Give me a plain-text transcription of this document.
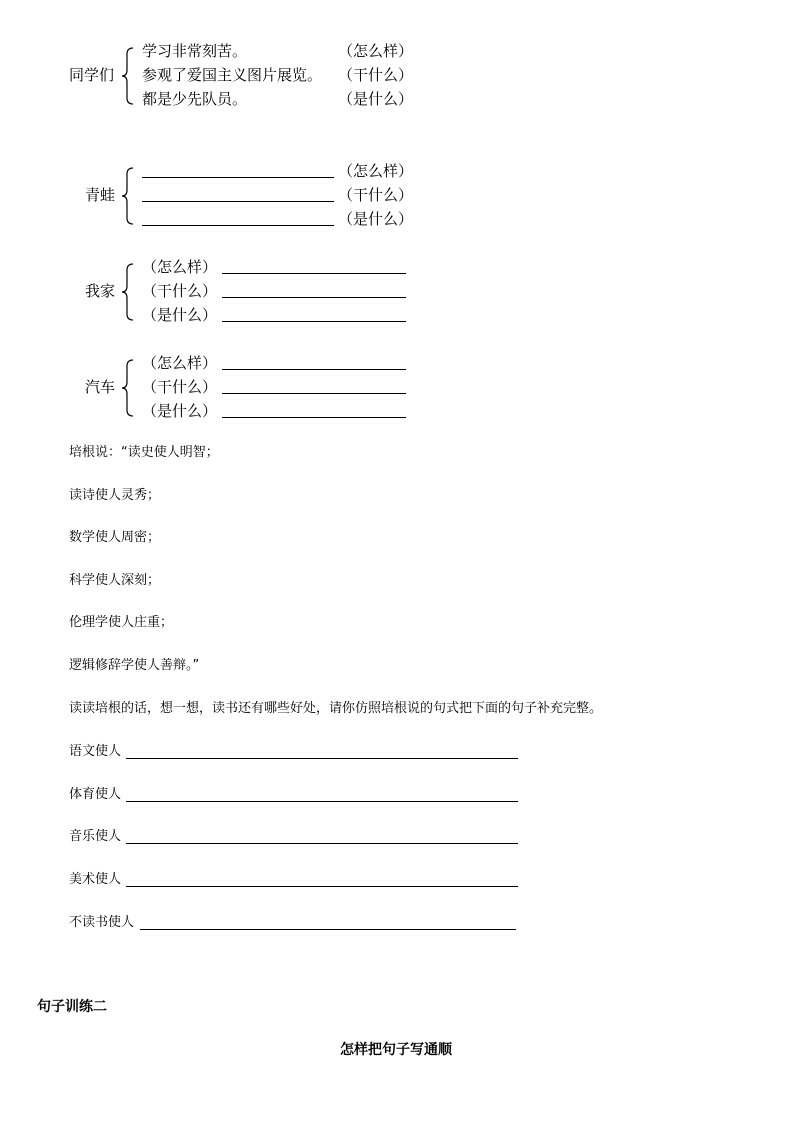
同学们
学习非常刻苦。	（怎么样）
参观了爱国主义图片展览。 （干什么）
都是少先队员。	（是什么）
青蛙
（怎么样）
（干什么）
（是什么）
我家
（怎么样）
（干什么）
（是什么）
汽车
（怎么样）
（干什么）
（是什么）
培根说：“读史使人明智；
读诗使人灵秀；
数学使人周密；
科学使人深刻；
伦理学使人庄重；
逻辑修辞学使人善辩。”
读读培根的话，想一想，读书还有哪些好处，请你仿照培根说的句式把下面的句子补充完整。
语文使人
体育使人
音乐使人
美术使人
不读书使人
句子训练二
怎样把句子写通顺
